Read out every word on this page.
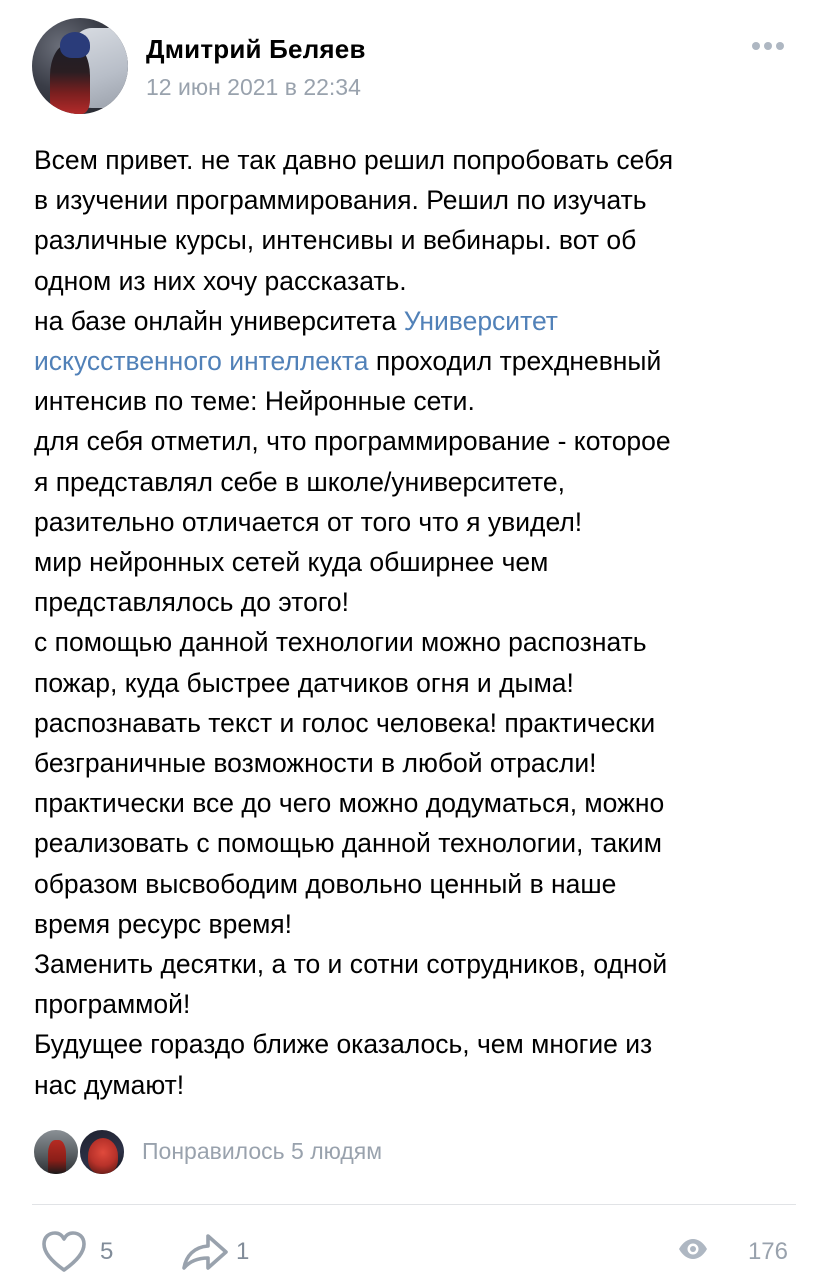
Дмитрий Беляев
12 июн 2021 в 22:34
Всем привет. не так давно решил попробовать себя
в изучении программирования. Решил по изучать
различные курсы, интенсивы и вебинары. вот об
одном из них хочу рассказать.
на базе онлайн университета Университет
искусственного интеллекта проходил трехдневный
интенсив по теме: Нейронные сети.
для себя отметил, что программирование - которое
я представлял себе в школе/университете,
разительно отличается от того что я увидел!
мир нейронных сетей куда обширнее чем
представлялось до этого!
с помощью данной технологии можно распознать
пожар, куда быстрее датчиков огня и дыма!
распознавать текст и голос человека! практически
безграничные возможности в любой отрасли!
практически все до чего можно додуматься, можно
реализовать с помощью данной технологии, таким
образом высвободим довольно ценный в наше
время ресурс время!
Заменить десятки, а то и сотни сотрудников, одной
программой!
Будущее гораздо ближе оказалось, чем многие из
нас думают!
Понравилось 5 людям
5	1	176
